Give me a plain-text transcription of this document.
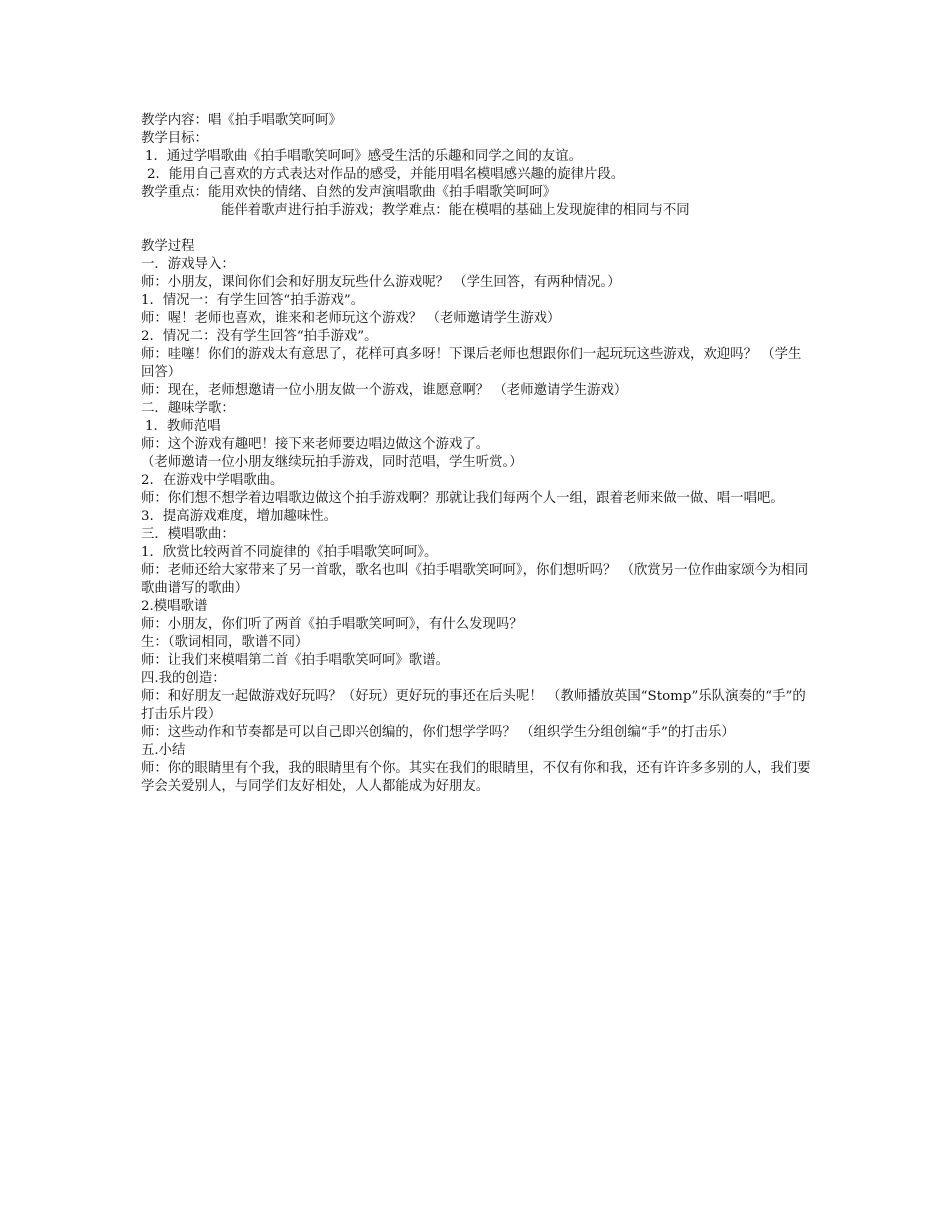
教学内容：唱《拍手唱歌笑呵呵》

教学目标：

1．通过学唱歌曲《拍手唱歌笑呵呵》感受生活的乐趣和同学之间的友谊。

2．能用自己喜欢的方式表达对作品的感受，并能用唱名模唱感兴趣的旋律片段。

教学重点：能用欢快的情绪、自然的发声演唱歌曲《拍手唱歌笑呵呵》

能伴着歌声进行拍手游戏；教学难点：能在模唱的基础上发现旋律的相同与不同

教学过程

一．游戏导入：

师：小朋友，课间你们会和好朋友玩些什么游戏呢？ （学生回答，有两种情况。）

1．情况一：有学生回答“拍手游戏”。

师：喔！老师也喜欢，谁来和老师玩这个游戏？ （老师邀请学生游戏）

2．情况二：没有学生回答“拍手游戏”。

师：哇噻！你们的游戏太有意思了，花样可真多呀！下课后老师也想跟你们一起玩玩这些游戏，欢迎吗？ （学生回答）

师：现在，老师想邀请一位小朋友做一个游戏，谁愿意啊？ （老师邀请学生游戏）

二．趣味学歌：

1．教师范唱

师：这个游戏有趣吧！接下来老师要边唱边做这个游戏了。

（老师邀请一位小朋友继续玩拍手游戏，同时范唱，学生听赏。）

2．在游戏中学唱歌曲。

师：你们想不想学着边唱歌边做这个拍手游戏啊？那就让我们每两个人一组，跟着老师来做一做、唱一唱吧。

3．提高游戏难度，增加趣味性。

三．模唱歌曲：

1．欣赏比较两首不同旋律的《拍手唱歌笑呵呵》。

师：老师还给大家带来了另一首歌，歌名也叫《拍手唱歌笑呵呵》，你们想听吗？ （欣赏另一位作曲家颂今为相同歌曲谱写的歌曲）

2.模唱歌谱

师：小朋友，你们听了两首《拍手唱歌笑呵呵》，有什么发现吗？

生：（歌词相同，歌谱不同）

师：让我们来模唱第二首《拍手唱歌笑呵呵》歌谱。

四.我的创造：

师：和好朋友一起做游戏好玩吗？（好玩）更好玩的事还在后头呢！ （教师播放英国“Stomp”乐队演奏的“手”的打击乐片段）

师：这些动作和节奏都是可以自己即兴创编的，你们想学学吗？ （组织学生分组创编“手”的打击乐）

五.小结

师：你的眼睛里有个我，我的眼睛里有个你。其实在我们的眼睛里，不仅有你和我，还有许许多多别的人，我们要学会关爱别人，与同学们友好相处，人人都能成为好朋友。
